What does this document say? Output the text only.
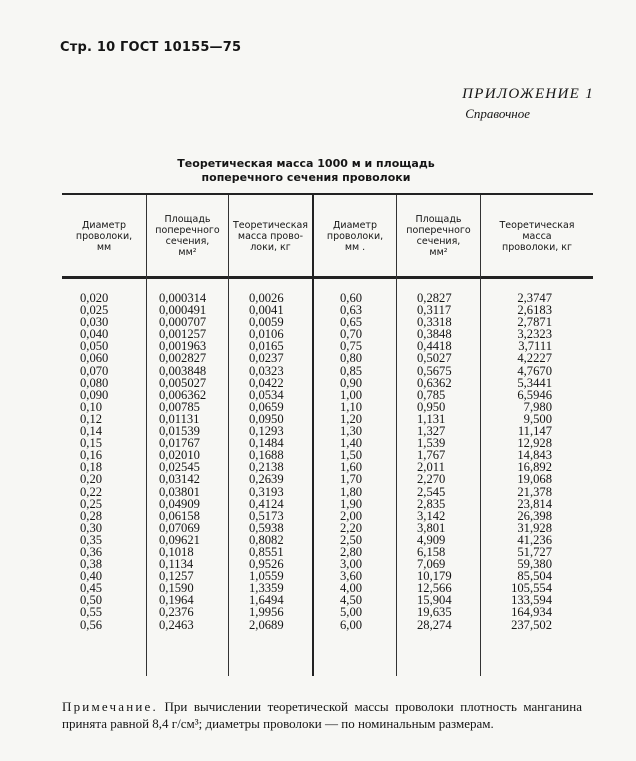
Стр. 10 ГОСТ 10155—75
ПРИЛОЖЕНИЕ 1
Справочное
Теоретическая масса 1000 м и площадь
поперечного сечения проволоки
Диаметр
проволоки,
мм
Площадь
поперечного
сечения,
мм²
Теоретическая
масса прово-
локи, кг
Диаметр
проволоки,
мм .
Площадь
поперечного
сечения,
мм²
Теоретическая
масса
проволоки, кг
0,020
0,025
0,030
0,040
0,050
0,060
0,070
0,080
0,090
0,10
0,12
0,14
0,15
0,16
0,18
0,20
0,22
0,25
0,28
0,30
0,35
0,36
0,38
0,40
0,45
0,50
0,55
0,56
0,000314
0,000491
0,000707
0,001257
0,001963
0,002827
0,003848
0,005027
0,006362
0,00785
0,01131
0,01539
0,01767
0,02010
0,02545
0,03142
0,03801
0,04909
0,06158
0,07069
0,09621
0,1018
0,1134
0,1257
0,1590
0,1964
0,2376
0,2463
0,0026
0,0041
0,0059
0,0106
0,0165
0,0237
0,0323
0,0422
0,0534
0,0659
0,0950
0,1293
0,1484
0,1688
0,2138
0,2639
0,3193
0,4124
0,5173
0,5938
0,8082
0,8551
0,9526
1,0559
1,3359
1,6494
1,9956
2,0689
0,60
0,63
0,65
0,70
0,75
0,80
0,85
0,90
1,00
1,10
1,20
1,30
1,40
1,50
1,60
1,70
1,80
1,90
2,00
2,20
2,50
2,80
3,00
3,60
4,00
4,50
5,00
6,00
0,2827
0,3117
0,3318
0,3848
0,4418
0,5027
0,5675
0,6362
0,785
0,950
1,131
1,327
1,539
1,767
2,011
2,270
2,545
2,835
3,142
3,801
4,909
6,158
7,069
10,179
12,566
15,904
19,635
28,274
2,3747
2,6183
2,7871
3,2323
3,7111
4,2227
4,7670
5,3441
6,5946
7,980
9,500
11,147
12,928
14,843
16,892
19,068
21,378
23,814
26,398
31,928
41,236
51,727
59,380
85,504
105,554
133,594
164,934
237,502
Примечание. При вычислении теоретической массы проволоки плотность манганина принята равной 8,4 г/см³; диаметры проволоки — по номинальным размерам.
